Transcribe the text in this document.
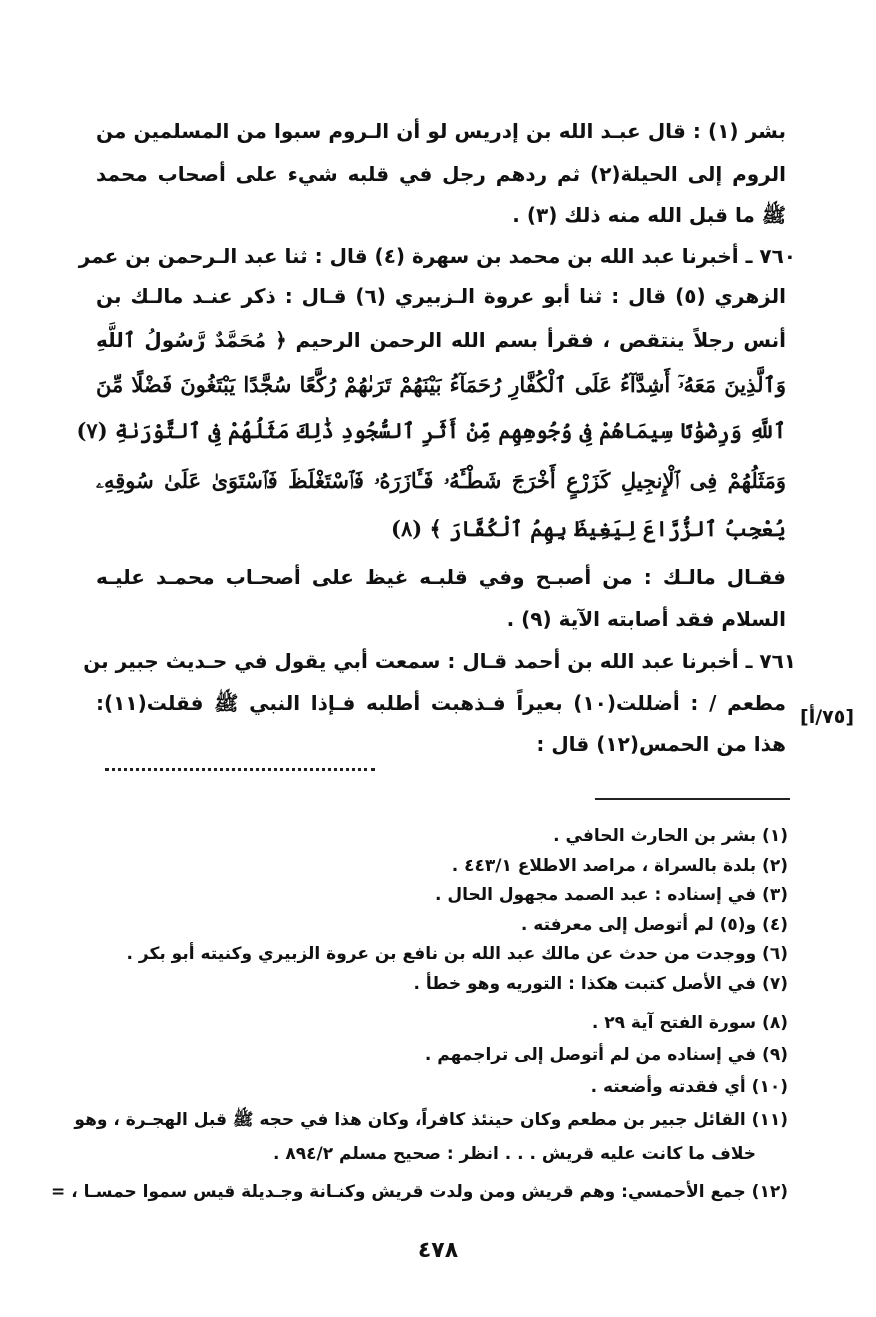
بشر (١) : قال عبـد الله بن إدريس لو أن الـروم سبوا من المسلمين من
الروم إلى الحيلة(٢) ثم ردهم رجل في قلبه شيء على أصحاب محمد
ﷺ ما قبل الله منه ذلك (٣) .
٧٦٠ ـ أخبرنا عبد الله بن محمد بن سهرة (٤) قال : ثنا عبد الـرحمن بن عمر
الزهري (٥) قال : ثنا أبو عروة الـزبيري (٦) قـال : ذكر عنـد مالـك بن
أنس رجلاً ينتقص ، فقرأ بسم الله الرحمن الرحيم ﴿ مُحَمَّدٌ رَّسُولُ ٱللَّهِ
وَٱلَّذِينَ مَعَهُۥٓ أَشِدَّآءُ عَلَى ٱلْكُفَّارِ رُحَمَآءُ بَيْنَهُمْ تَرَىٰهُمْ رُكَّعًا سُجَّدًا يَبْتَغُونَ فَضْلًا مِّنَ
ٱللَّهِ وَرِضْوَٰنًا سِيمَاهُمْ فِى وُجُوهِهِم مِّنْ أَثَرِ ٱلسُّجُودِ ذَٰلِكَ مَثَلُهُمْ فِى ٱلتَّوْرَىٰةِ (٧)
وَمَثَلُهُمْ فِى ٱلْإِنجِيلِ كَزَرْعٍ أَخْرَجَ شَطْـَٔهُۥ فَـَٔازَرَهُۥ فَٱسْتَغْلَظَ فَٱسْتَوَىٰ عَلَىٰ سُوقِهِۦ
يُعْجِبُ ٱلزُّرَّاعَ لِيَغِيظَ بِهِمُ ٱلْكُفَّارَ ﴾ (٨)
فقـال مالـك : من أصبـح وفي قلبـه غيظ على أصحـاب محمـد عليـه
السلام فقد أصابته الآية (٩) .
٧٦١ ـ أخبرنا عبد الله بن أحمد قـال : سمعت أبي يقول في حـديث جبير بن
مطعم / : أضللت(١٠) بعيراً فـذهبت أطلبه فـإذا النبي ﷺ فقلت(١١):
هذا من الحمس(١٢) قال :
[٧٥/أ]
(١) بشر بن الحارث الحافي .
(٢) بلدة بالسراة ، مراصد الاطلاع ٤٤٣/١ .
(٣) في إسناده : عبد الصمد مجهول الحال .
(٤) و(٥) لم أتوصل إلى معرفته .
(٦) ووجدت من حدث عن مالك عبد الله بن نافع بن عروة الزبيري وكنيته أبو بكر .
(٧) في الأصل كتبت هكذا : التوريه وهو خطأ .
(٨) سورة الفتح آية ٢٩ .
(٩) في إسناده من لم أتوصل إلى تراجمهم .
(١٠) أي فقدته وأضعته .
(١١) القائل جبير بن مطعم وكان حينئذ كافراً، وكان هذا في حجه ﷺ قبل الهجـرة ، وهو
خلاف ما كانت عليه قريش . . . انظر : صحيح مسلم ٨٩٤/٢ .
(١٢) جمع الأحمسي: وهم قريش ومن ولدت قريش وكنـانة وجـديلة قيس سموا حمسـا ، =
٤٧٨
